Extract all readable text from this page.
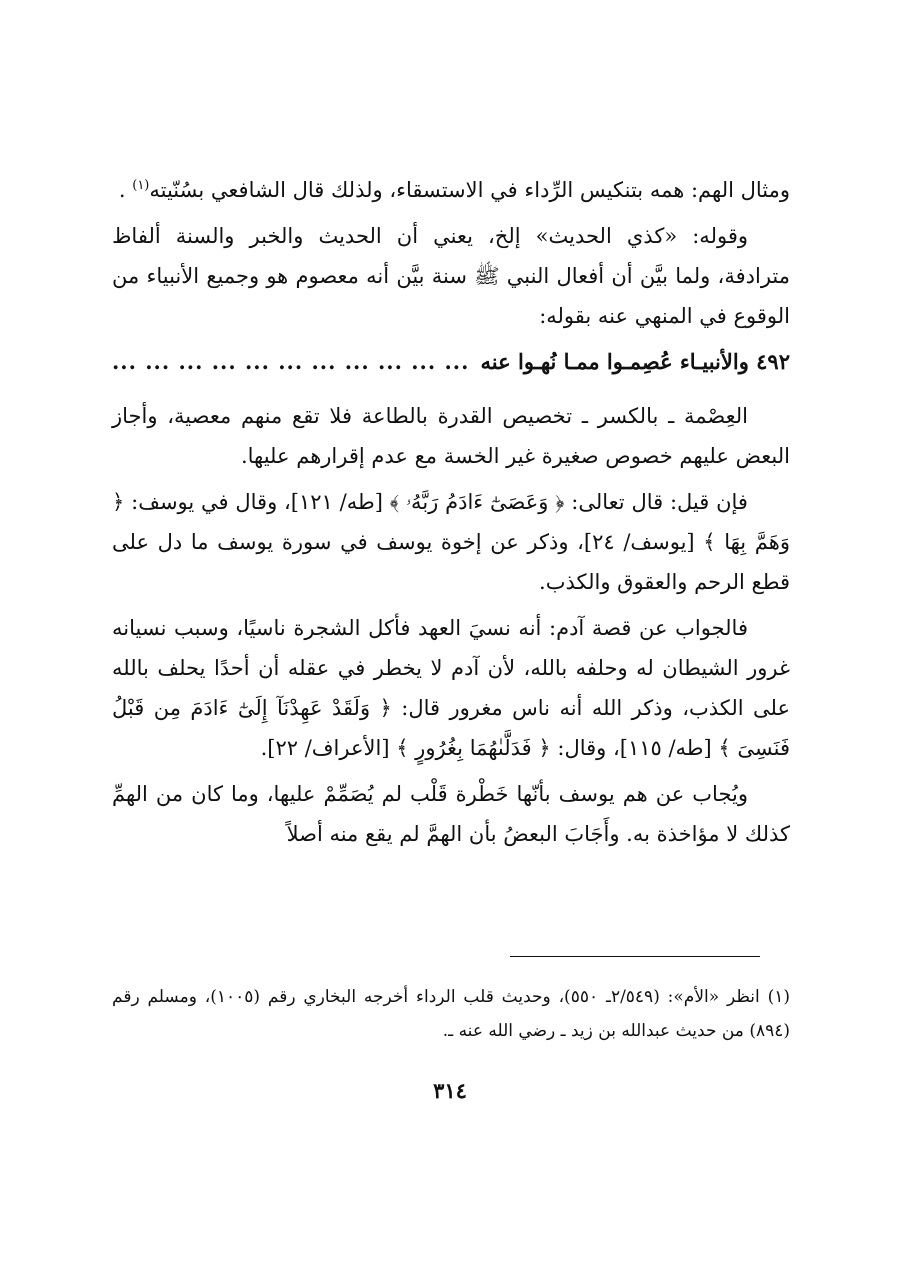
ومثال الهم: همه بتنكيس الرِّداء في الاستسقاء، ولذلك قال الشافعي بسُنّيته$^{(١)}$ .

وقوله: «كذي الحديث» إلخ، يعني أن الحديث والخبر والسنة ألفاظ مترادفة، ولما بيَّن أن أفعال النبي ﷺ سنة بيَّن أنه معصوم هو وجميع الأنبياء من الوقوع في المنهي عنه بقوله:

٤٩٢ والأنبيـاء عُصِمـوا ممـا نُهـوا عنه
... ... ... ... ... ... ... ... ... ... ...

العِصْمة ـ بالكسر ـ تخصيص القدرة بالطاعة فلا تقع منهم معصية، وأجاز البعض عليهم خصوص صغيرة غير الخسة مع عدم إقرارهم عليها.

فإن قيل: قال تعالى: ﴿ وَعَصَىٰٓ ءَادَمُ رَبَّهُۥ ﴾ [طه/ ١٢١]، وقال في يوسف: ﴿ وَهَمَّ بِهَا ﴾ [يوسف/ ٢٤]، وذكر عن إخوة يوسف في سورة يوسف ما دل على قطع الرحم والعقوق والكذب.

فالجواب عن قصة آدم: أنه نسيَ العهد فأكل الشجرة ناسيًا، وسبب نسيانه غرور الشيطان له وحلفه بالله، لأن آدم لا يخطر في عقله أن أحدًا يحلف بالله على الكذب، وذكر الله أنه ناس مغرور قال: ﴿ وَلَقَدْ عَهِدْنَآ إِلَىٰٓ ءَادَمَ مِن قَبْلُ فَنَسِىَ ﴾ [طه/ ١١٥]، وقال: ﴿ فَدَلَّىٰهُمَا بِغُرُورٍ ﴾ [الأعراف/ ٢٢].

ويُجاب عن هم يوسف بأنّها خَطْرة قَلْب لم يُصَمِّمْ عليها، وما كان من الهمِّ كذلك لا مؤاخذة به. وأَجَابَ البعضُ بأن الهمَّ لم يقع منه أصلاً

(١) انظر «الأم»: (٢/٥٤٩ـ ٥٥٠)، وحديث قلب الرداء أخرجه البخاري رقم (١٠٠٥)، ومسلم رقم (٨٩٤) من حديث عبدالله بن زيد ـ رضي الله عنه ـ.

٣١٤
